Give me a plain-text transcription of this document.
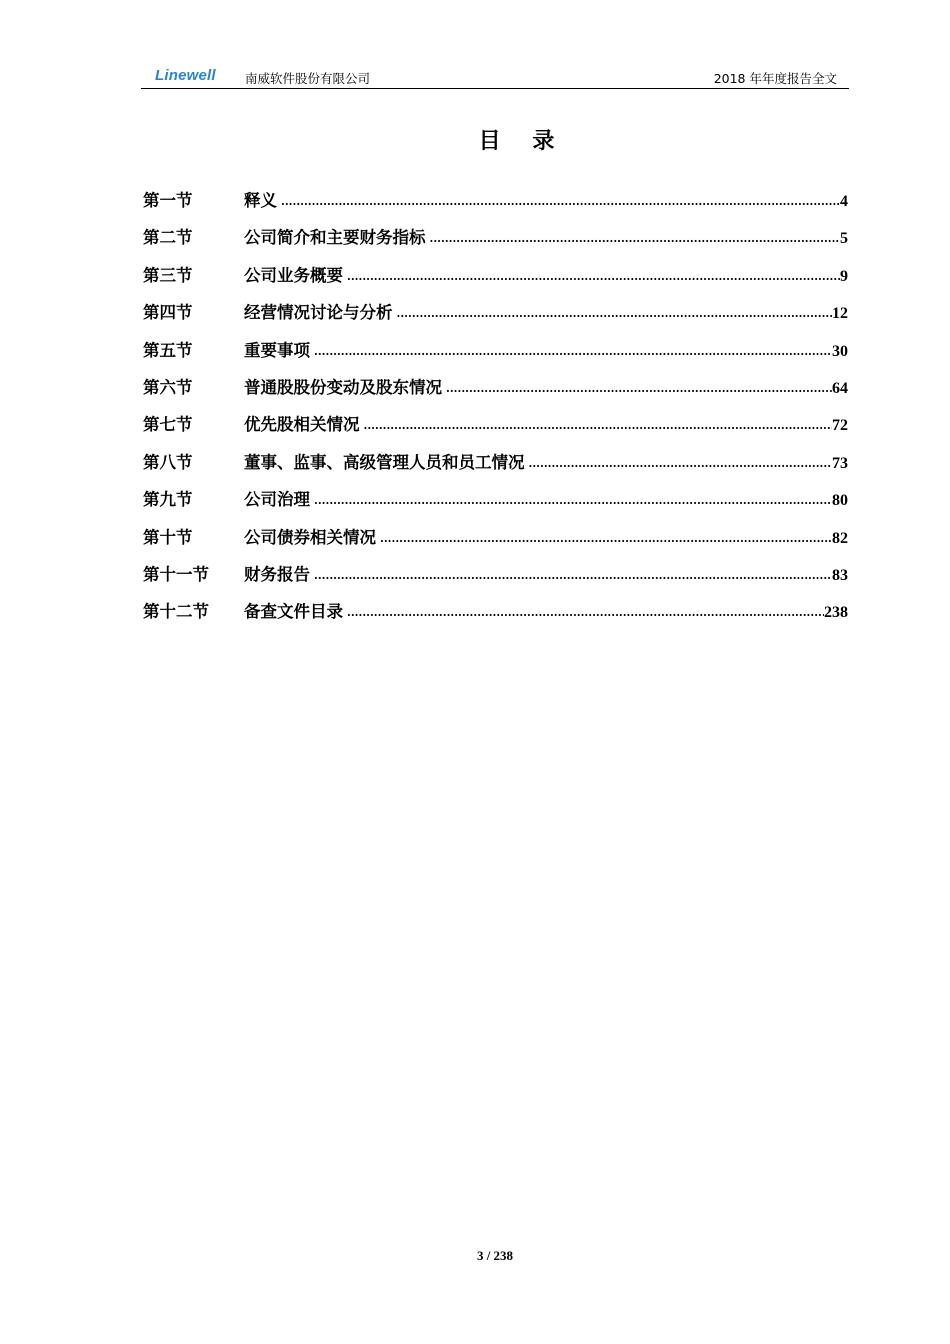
Linewell 南威软件股份有限公司	2018 年年度报告全文
目 录
第一节	释义 .....	4
第二节	公司简介和主要财务指标 .....	5
第三节	公司业务概要 .....	9
第四节	经营情况讨论与分析 .....	12
第五节	重要事项 .....	30
第六节	普通股股份变动及股东情况 .....	64
第七节	优先股相关情况 .....	72
第八节	董事、监事、高级管理人员和员工情况 .....	73
第九节	公司治理 .....	80
第十节	公司债券相关情况 .....	82
第十一节	财务报告 .....	83
第十二节	备查文件目录 .....	238
3 / 238
